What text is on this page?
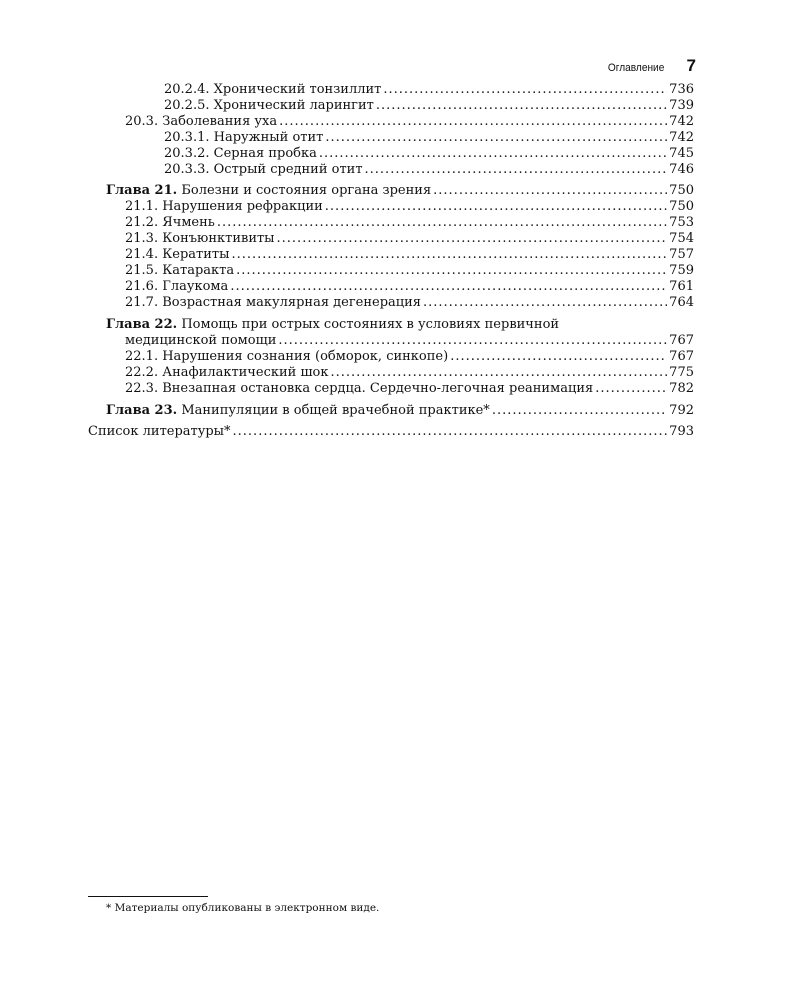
Оглавление 7
20.2.4. Хронический тонзиллит .....	736
20.2.5. Хронический ларингит .....	739
20.3. Заболевания уха .....	742
20.3.1. Наружный отит .....	742
20.3.2. Серная пробка .....	745
20.3.3. Острый средний отит .....	746
Глава 21. Болезни и состояния органа зрения .....	750
21.1. Нарушения рефракции .....	750
21.2. Ячмень .....	753
21.3. Конъюнктивиты .....	754
21.4. Кератиты .....	757
21.5. Катаракта .....	759
21.6. Глаукома .....	761
21.7. Возрастная макулярная дегенерация .....	764
Глава 22. Помощь при острых состояниях в условиях первичной
медицинской помощи .....	767
22.1. Нарушения сознания (обморок, синкопе) .....	767
22.2. Анафилактический шок .....	775
22.3. Внезапная остановка сердца. Сердечно-легочная реанимация .....	782
Глава 23. Манипуляции в общей врачебной практике* .....	792
Список литературы* .....	793
* Материалы опубликованы в электронном виде.
